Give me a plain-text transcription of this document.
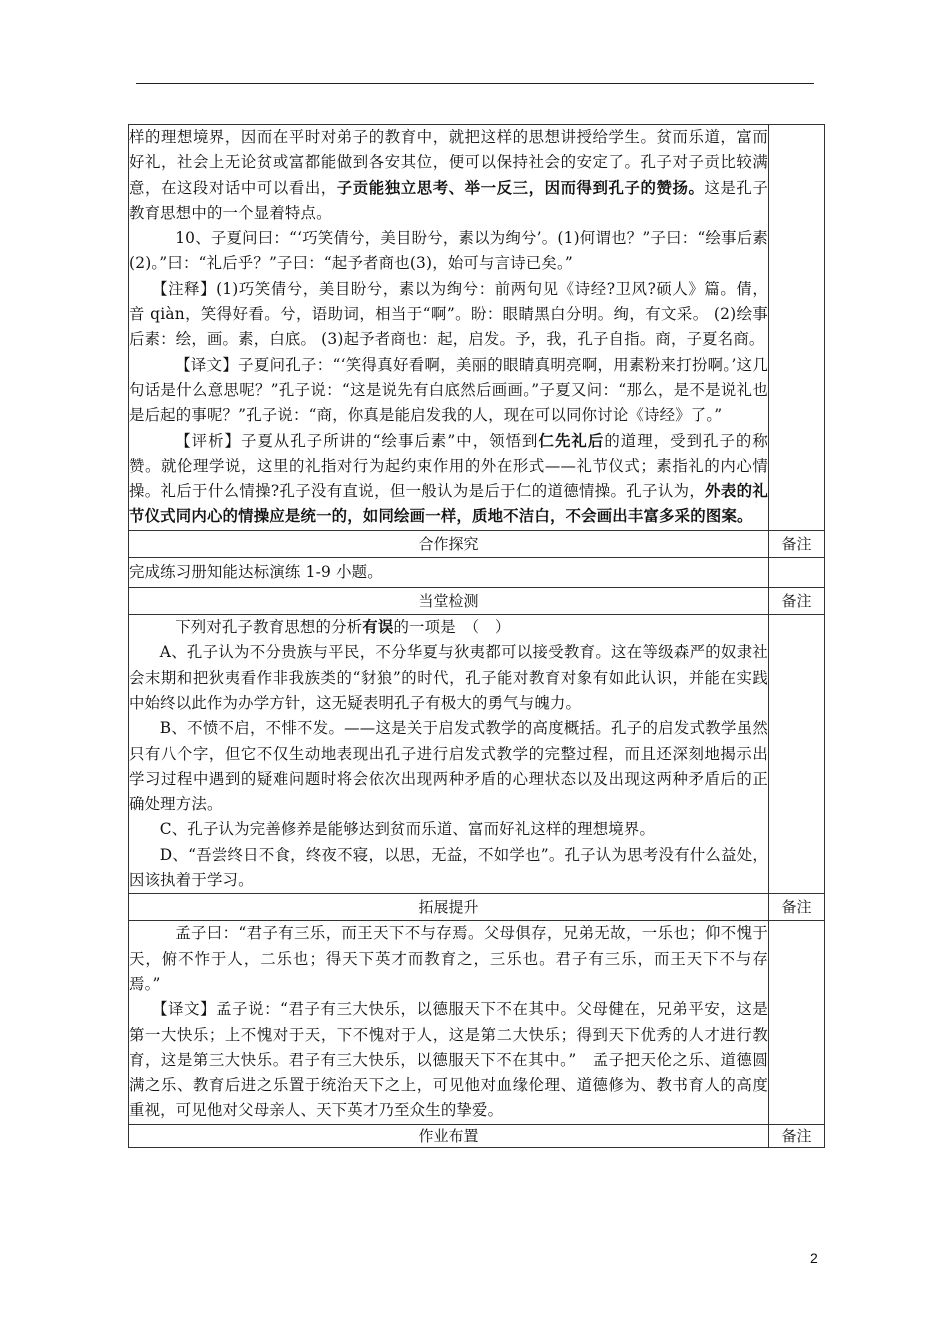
样的理想境界，因而在平时对弟子的教育中，就把这样的思想讲授给学生。贫而乐道，富而好礼，社会上无论贫或富都能做到各安其位，便可以保持社会的安定了。孔子对子贡比较满意，在这段对话中可以看出，子贡能独立思考、举一反三，因而得到孔子的赞扬。这是孔子教育思想中的一个显着特点。

10、子夏问曰：“‘巧笑倩兮，美目盼兮，素以为绚兮’。(1)何谓也？”子曰：“绘事后素(2)。”曰：“礼后乎？”子曰：“起予者商也(3)，始可与言诗已矣。”

【注释】(1)巧笑倩兮，美目盼兮，素以为绚兮：前两句见《诗经?卫风?硕人》篇。倩，音 qiàn，笑得好看。兮，语助词，相当于“啊”。盼：眼睛黑白分明。绚，有文采。 (2)绘事后素：绘，画。素，白底。 (3)起予者商也：起，启发。予，我，孔子自指。商，子夏名商。

【译文】子夏问孔子：“‘笑得真好看啊，美丽的眼睛真明亮啊，用素粉来打扮啊。’这几句话是什么意思呢？”孔子说：“这是说先有白底然后画画。”子夏又问：“那么，是不是说礼也是后起的事呢？”孔子说：“商，你真是能启发我的人，现在可以同你讨论《诗经》了。”

【评析】子夏从孔子所讲的“绘事后素”中，领悟到仁先礼后的道理，受到孔子的称赞。就伦理学说，这里的礼指对行为起约束作用的外在形式——礼节仪式；素指礼的内心情操。礼后于什么情操?孔子没有直说，但一般认为是后于仁的道德情操。孔子认为，外表的礼节仪式同内心的情操应是统一的，如同绘画一样，质地不洁白，不会画出丰富多采的图案。	

合作探究	备注

完成练习册知能达标演练 1-9 小题。	

当堂检测	备注

下列对孔子教育思想的分析有误的一项是　（　）

A、孔子认为不分贵族与平民，不分华夏与狄夷都可以接受教育。这在等级森严的奴隶社会末期和把狄夷看作非我族类的“豺狼”的时代，孔子能对教育对象有如此认识，并能在实践中始终以此作为办学方针，这无疑表明孔子有极大的勇气与魄力。

B、不愤不启，不悱不发。——这是关于启发式教学的高度概括。孔子的启发式教学虽然只有八个字，但它不仅生动地表现出孔子进行启发式教学的完整过程，而且还深刻地揭示出学习过程中遇到的疑难问题时将会依次出现两种矛盾的心理状态以及出现这两种矛盾后的正确处理方法。

C、孔子认为完善修养是能够达到贫而乐道、富而好礼这样的理想境界。

D、“吾尝终日不食，终夜不寝，以思，无益，不如学也”。孔子认为思考没有什么益处，因该执着于学习。	

拓展提升	备注

孟子曰：“君子有三乐，而王天下不与存焉。父母俱存，兄弟无故，一乐也；仰不愧于天，俯不怍于人，二乐也；得天下英才而教育之，三乐也。君子有三乐，而王天下不与存焉。”

【译文】孟子说：“君子有三大快乐，以德服天下不在其中。父母健在，兄弟平安，这是第一大快乐；上不愧对于天，下不愧对于人，这是第二大快乐；得到天下优秀的人才进行教育，这是第三大快乐。君子有三大快乐，以德服天下不在其中。”　孟子把天伦之乐、道德圆满之乐、教育后进之乐置于统治天下之上，可见他对血缘伦理、道德修为、教书育人的高度重视，可见他对父母亲人、天下英才乃至众生的挚爱。	

作业布置	备注
2
